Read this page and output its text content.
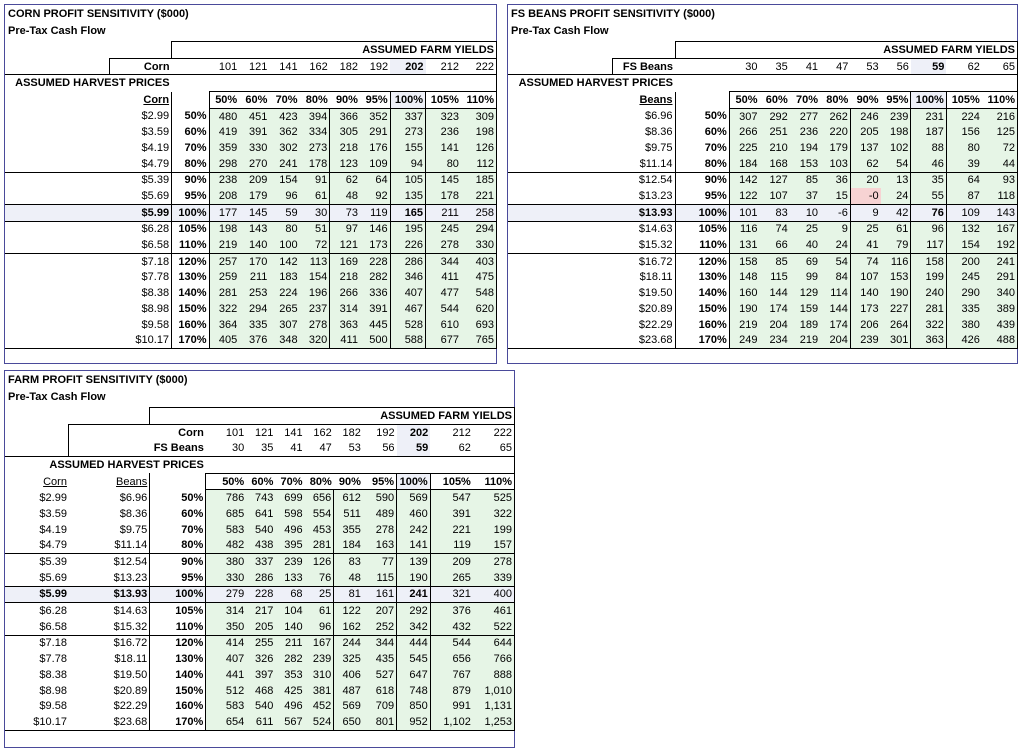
CORN PROFIT SENSITIVITY ($000)
Pre-Tax Cash Flow
		ASSUMED FARM YIELDS									
	Corn		101	121	141	162	182	192	202	212	222
ASSUMED HARVEST PRICES											
	Corn		50%	60%	70%	80%	90%	95%	100%	105%	110%
	$2.99	50%	480	451	423	394	366	352	337	323	309
	$3.59	60%	419	391	362	334	305	291	273	236	198
	$4.19	70%	359	330	302	273	218	176	155	141	126
	$4.79	80%	298	270	241	178	123	109	94	80	112
	$5.39	90%	238	209	154	91	62	64	105	145	185
	$5.69	95%	208	179	96	61	48	92	135	178	221
	$5.99	100%	177	145	59	30	73	119	165	211	258
	$6.28	105%	198	143	80	51	97	146	195	245	294
	$6.58	110%	219	140	100	72	121	173	226	278	330
	$7.18	120%	257	170	142	113	169	228	286	344	403
	$7.78	130%	259	211	183	154	218	282	346	411	475
	$8.38	140%	281	253	224	196	266	336	407	477	548
	$8.98	150%	322	294	265	237	314	391	467	544	620
	$9.58	160%	364	335	307	278	363	445	528	610	693
	$10.17	170%	405	376	348	320	411	500	588	677	765
FS BEANS PROFIT SENSITIVITY ($000)
Pre-Tax Cash Flow
		ASSUMED FARM YIELDS									
	FS Beans		30	35	41	47	53	56	59	62	65
ASSUMED HARVEST PRICES											
	Beans		50%	60%	70%	80%	90%	95%	100%	105%	110%
	$6.96	50%	307	292	277	262	246	239	231	224	216
	$8.36	60%	266	251	236	220	205	198	187	156	125
	$9.75	70%	225	210	194	179	137	102	88	80	72
	$11.14	80%	184	168	153	103	62	54	46	39	44
	$12.54	90%	142	127	85	36	20	13	35	64	93
	$13.23	95%	122	107	37	15	-0	24	55	87	118
	$13.93	100%	101	83	10	-6	9	42	76	109	143
	$14.63	105%	116	74	25	9	25	61	96	132	167
	$15.32	110%	131	66	40	24	41	79	117	154	192
	$16.72	120%	158	85	69	54	74	116	158	200	241
	$18.11	130%	148	115	99	84	107	153	199	245	291
	$19.50	140%	160	144	129	114	140	190	240	290	340
	$20.89	150%	190	174	159	144	173	227	281	335	389
	$22.29	160%	219	204	189	174	206	264	322	380	439
	$23.68	170%	249	234	219	204	239	301	363	426	488
FARM PROFIT SENSITIVITY ($000)
Pre-Tax Cash Flow
		ASSUMED FARM YIELDS									
	Corn		101	121	141	162	182	192	202	212	222
	FS Beans		30	35	41	47	53	56	59	62	65
ASSUMED HARVEST PRICES											
Corn	Beans		50%	60%	70%	80%	90%	95%	100%	105%	110%
$2.99	$6.96	50%	786	743	699	656	612	590	569	547	525
$3.59	$8.36	60%	685	641	598	554	511	489	460	391	322
$4.19	$9.75	70%	583	540	496	453	355	278	242	221	199
$4.79	$11.14	80%	482	438	395	281	184	163	141	119	157
$5.39	$12.54	90%	380	337	239	126	83	77	139	209	278
$5.69	$13.23	95%	330	286	133	76	48	115	190	265	339
$5.99	$13.93	100%	279	228	68	25	81	161	241	321	400
$6.28	$14.63	105%	314	217	104	61	122	207	292	376	461
$6.58	$15.32	110%	350	205	140	96	162	252	342	432	522
$7.18	$16.72	120%	414	255	211	167	244	344	444	544	644
$7.78	$18.11	130%	407	326	282	239	325	435	545	656	766
$8.38	$19.50	140%	441	397	353	310	406	527	647	767	888
$8.98	$20.89	150%	512	468	425	381	487	618	748	879	1,010
$9.58	$22.29	160%	583	540	496	452	569	709	850	991	1,131
$10.17	$23.68	170%	654	611	567	524	650	801	952	1,102	1,253
